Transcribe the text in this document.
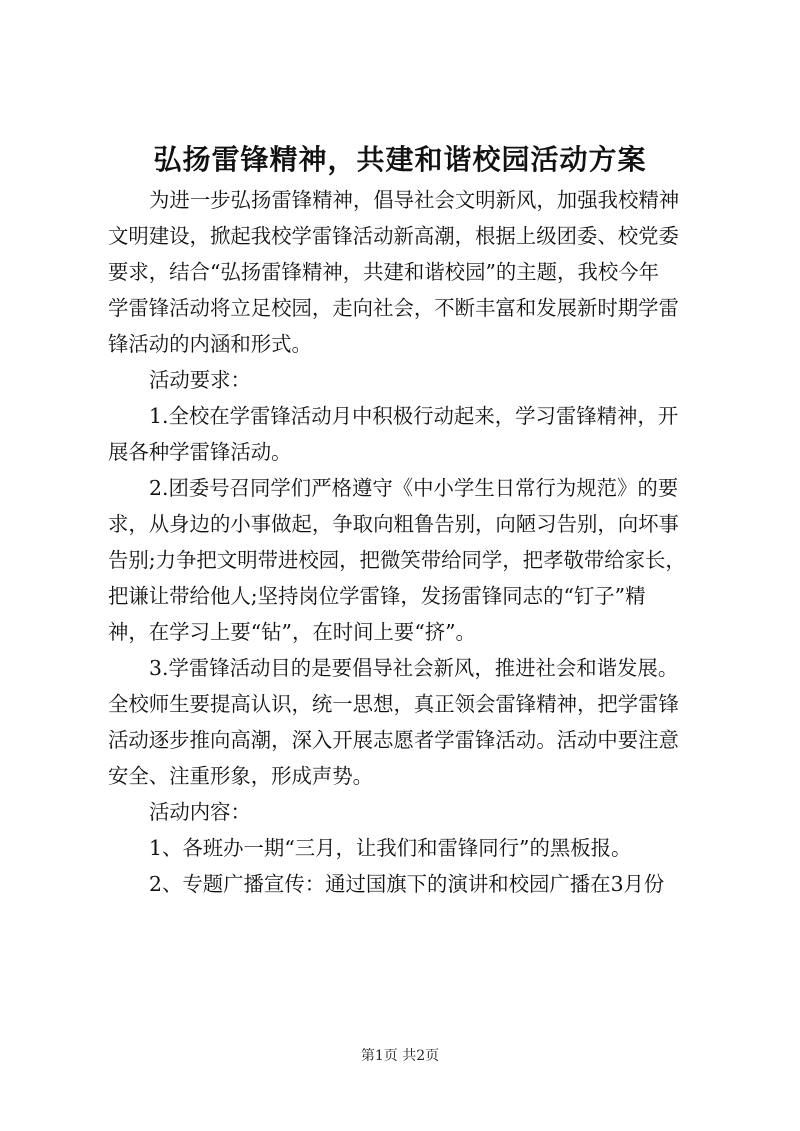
弘扬雷锋精神，共建和谐校园活动方案
为进一步弘扬雷锋精神，倡导社会文明新风，加强我校精神
文明建设，掀起我校学雷锋活动新高潮，根据上级团委、校党委
要求，结合“弘扬雷锋精神，共建和谐校园”的主题，我校今年
学雷锋活动将立足校园，走向社会，不断丰富和发展新时期学雷
锋活动的内涵和形式。
活动要求：
1.全校在学雷锋活动月中积极行动起来，学习雷锋精神，开
展各种学雷锋活动。
2.团委号召同学们严格遵守《中小学生日常行为规范》的要
求，从身边的小事做起，争取向粗鲁告别，向陋习告别，向坏事
告别;力争把文明带进校园，把微笑带给同学，把孝敬带给家长，
把谦让带给他人;坚持岗位学雷锋，发扬雷锋同志的“钉子”精
神，在学习上要“钻”，在时间上要“挤”。
3.学雷锋活动目的是要倡导社会新风，推进社会和谐发展。
全校师生要提高认识，统一思想，真正领会雷锋精神，把学雷锋
活动逐步推向高潮，深入开展志愿者学雷锋活动。活动中要注意
安全、注重形象，形成声势。
活动内容：
1、各班办一期“三月，让我们和雷锋同行”的黑板报。
2、专题广播宣传：通过国旗下的演讲和校园广播在3月份
第1页 共2页
